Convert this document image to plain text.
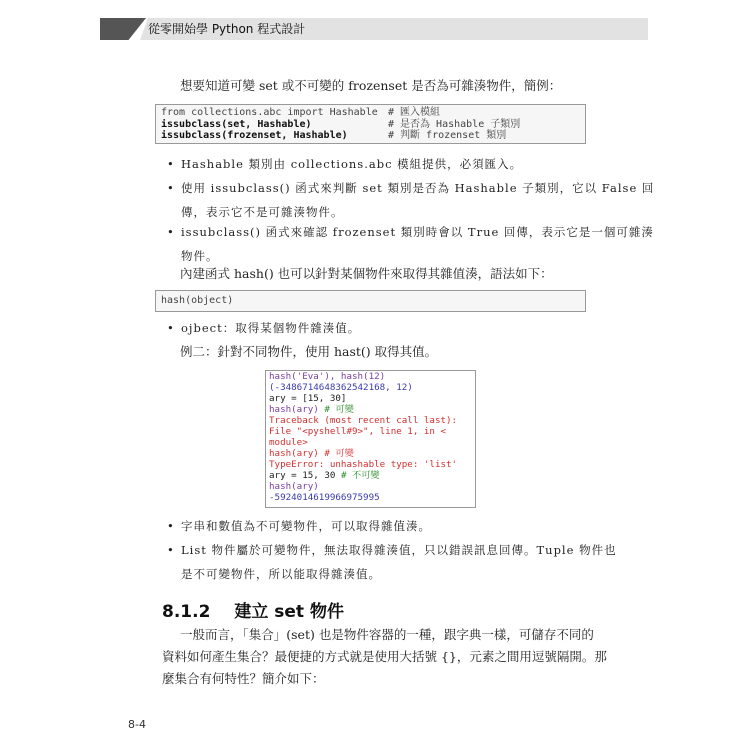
從零開始學 Python 程式設計
想要知道可變 set 或不可變的 frozenset 是否為可雜湊物件，簡例：
from collections.abc import Hashable
issubclass(set, Hashable)
issubclass(frozenset, Hashable)
# 匯入模組
# 是否為 Hashable 子類別
# 判斷 frozenset 類別
• Hashable 類別由 collections.abc 模組提供，必須匯入。
• 使用 issubclass() 函式來判斷 set 類別是否為 Hashable 子類別，它以 False 回
傳，表示它不是可雜湊物件。
• issubclass() 函式來確認 frozenset 類別時會以 True 回傳，表示它是一個可雜湊
物件。
內建函式 hash() 也可以針對某個物件來取得其雜值湊，語法如下：
hash(object)
• ojbect：取得某個物件雜湊值。
例二：針對不同物件，使用 hast() 取得其值。
hash('Eva'), hash(12)
(-3486714648362542168, 12)
ary = [15, 30]
hash(ary) # 可變
Traceback (most recent call last):
File "<pyshell#9>", line 1, in <
module>
hash(ary) # 可變
TypeError: unhashable type: 'list'
ary = 15, 30 # 不可變
hash(ary)
-5924014619966975995
• 字串和數值為不可變物件，可以取得雜值湊。
• List 物件屬於可變物件，無法取得雜湊值，只以錯誤訊息回傳。Tuple 物件也
是不可變物件，所以能取得雜湊值。
8.1.2 建立 set 物件
一般而言，「集合」(set) 也是物件容器的一種，跟字典一樣，可儲存不同的
資料如何產生集合？最便捷的方式就是使用大括號 {}，元素之間用逗號隔開。那
麼集合有何特性？簡介如下：
8-4
